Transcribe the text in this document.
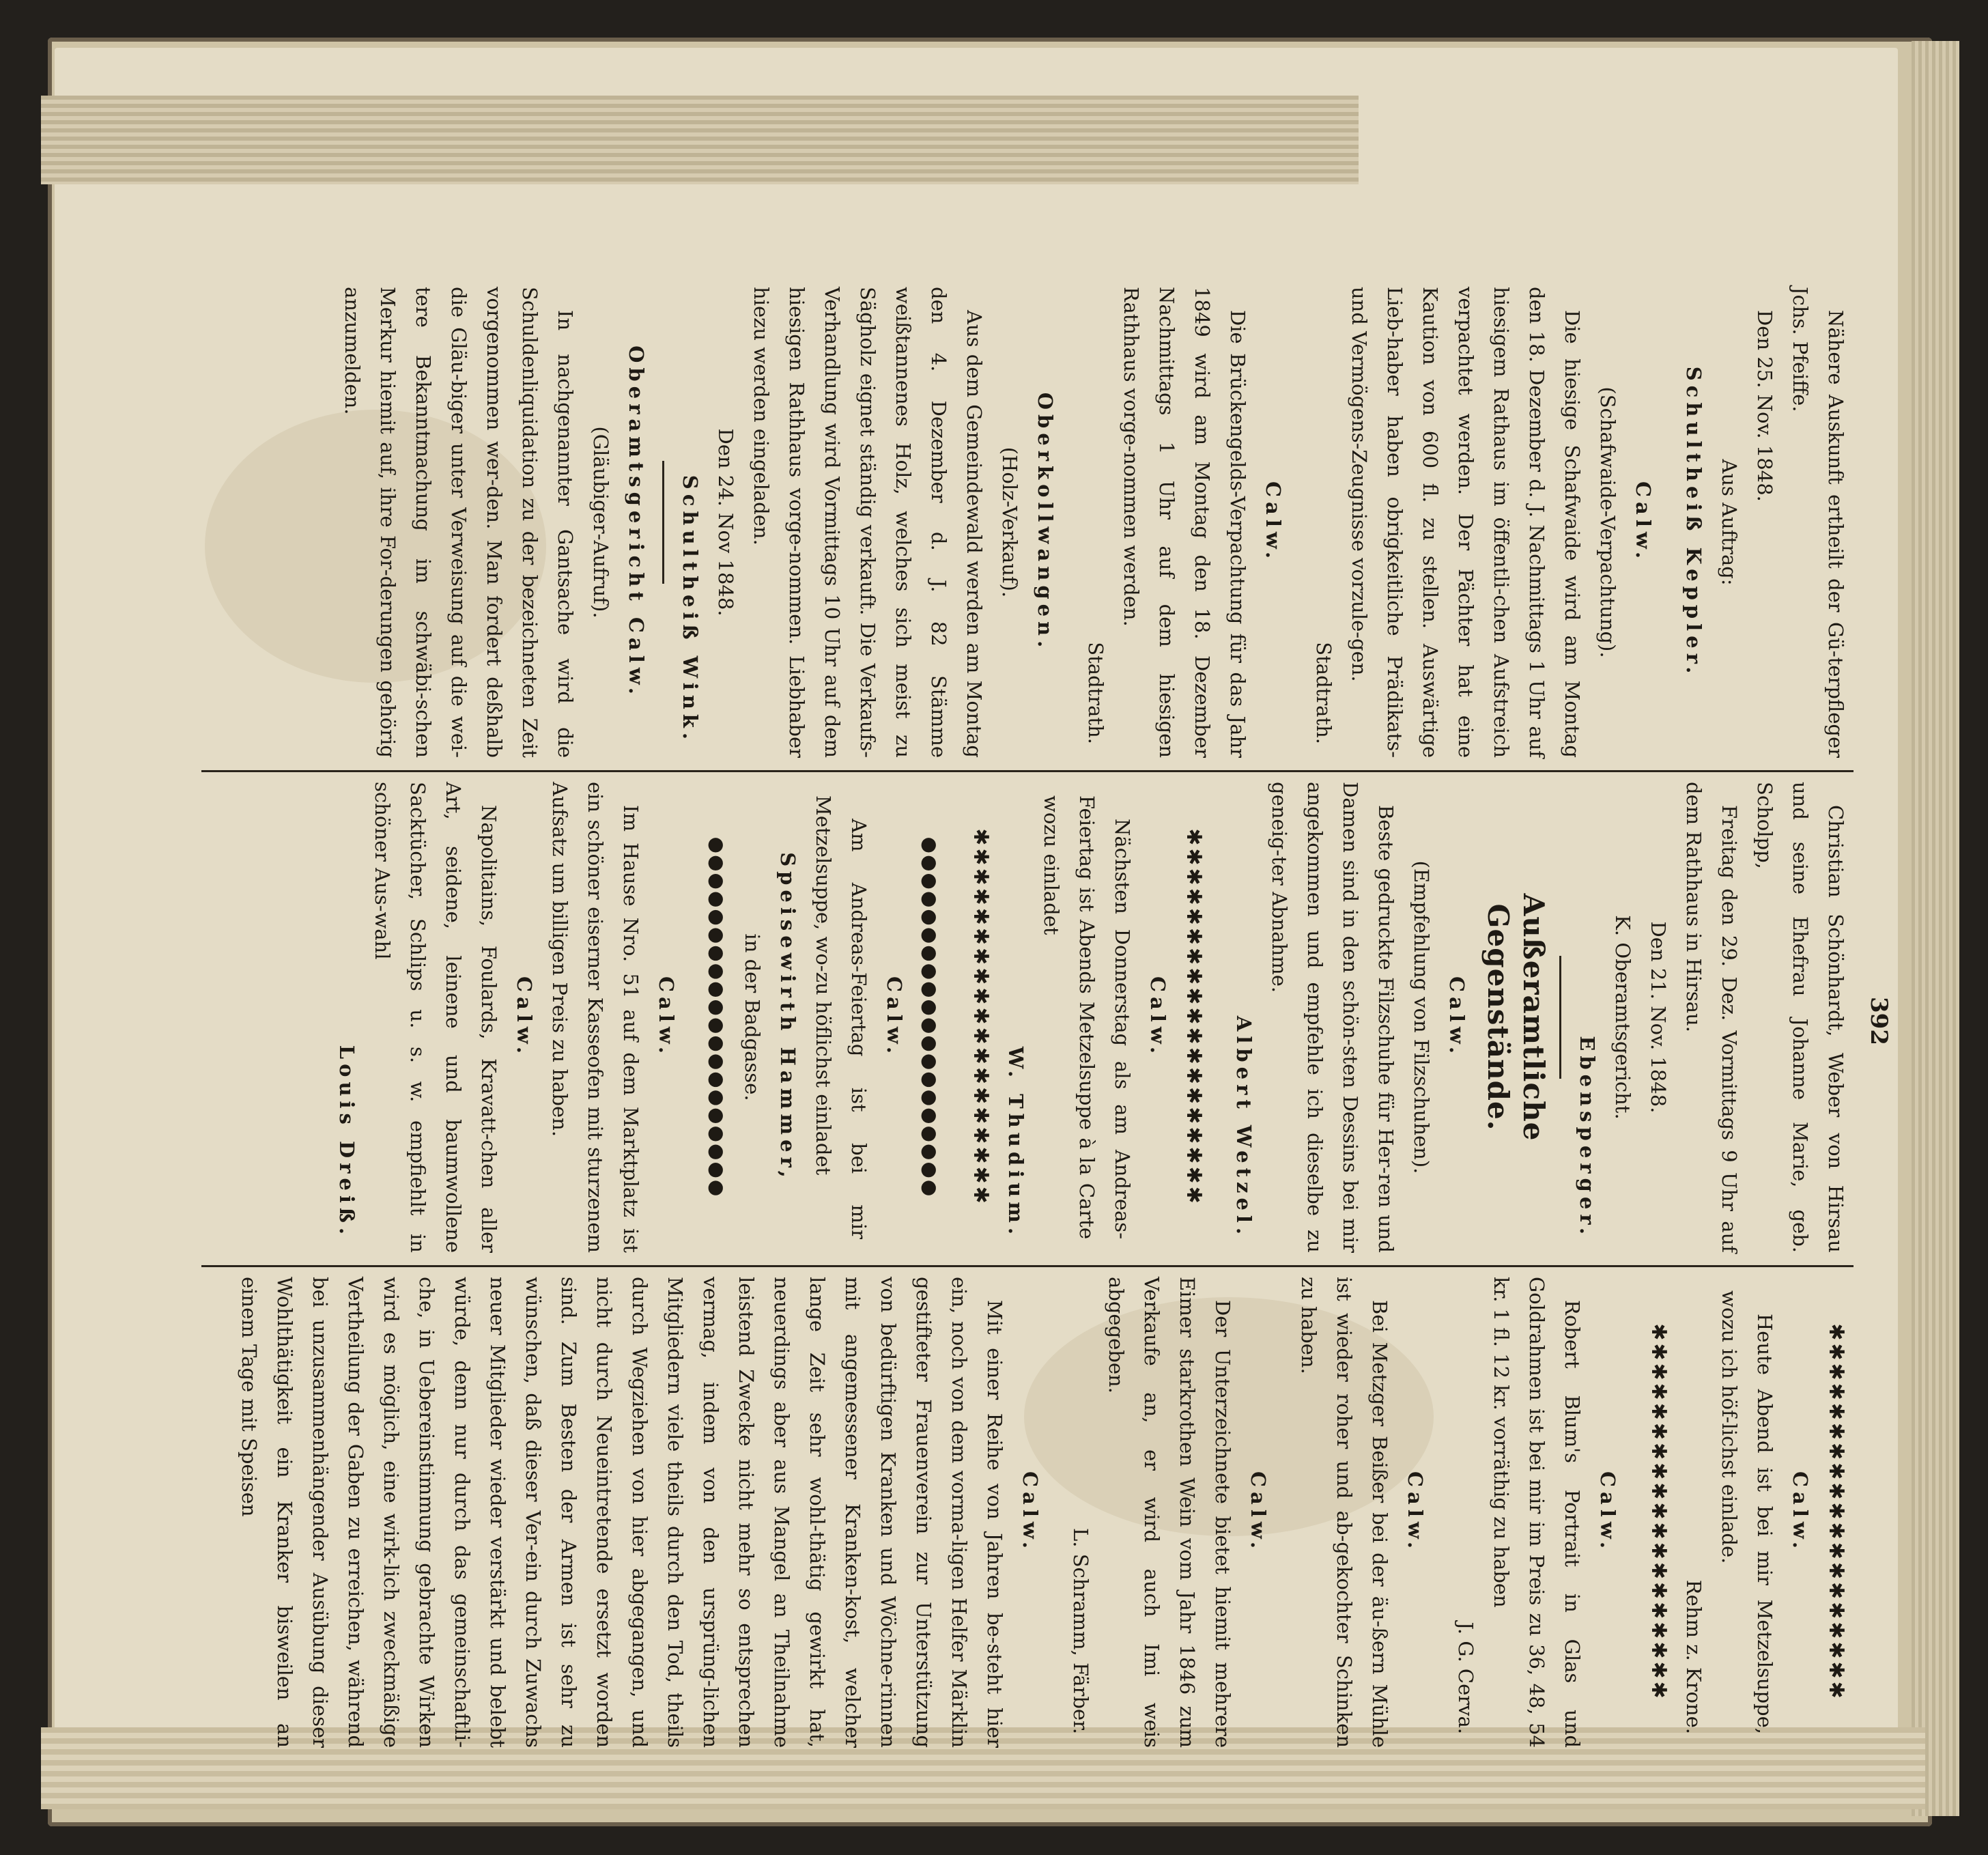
392

Nähere Auskunft ertheilt der Gü-terpfleger Jchs. Pfeiffe.

Den 25. Nov. 1848.

Aus Auftrag:

Schultheiß Keppler.

Calw.

(Schafwaide-Verpachtung).

Die hiesige Schafwaide wird am Montag den 18. Dezember d. J. Nachmittags 1 Uhr auf hiesigem Rathaus im öffentli-chen Aufstreich verpachtet werden. Der Pächter hat eine Kaution von 600 fl. zu stellen. Auswärtige Lieb-haber haben obrigkeitliche Prädikats- und Vermögens-Zeugnisse vorzule-gen.

Stadtrath.

Calw.

Die Brückengelds-Verpachtung für das Jahr 1849 wird am Montag den 18. Dezember Nachmittags 1 Uhr auf dem hiesigen Rathhaus vorge-nommen werden.

Stadtrath.

Oberkollwangen.

(Holz-Verkauf).

Aus dem Gemeindewald werden am Montag den 4. Dezember d. J. 82 Stämme weißtannenes Holz, welches sich meist zu Sägholz eignet ständig verkauft. Die Verkaufs-Verhandlung wird Vormittags 10 Uhr auf dem hiesigen Rathhaus vorge-nommen. Liebhaber hiezu werden eingeladen.

Den 24. Nov 1848.

Schultheiß Wink.

Oberamtsgericht Calw.

(Gläubiger-Aufruf).

In nachgenannter Gantsache wird die Schuldenliquidation zu der bezeichneten Zeit vorgenommen wer-den. Man fordert deßhalb die Gläu-biger unter Verweisung auf die wei-tere Bekanntmachung im schwäbi-schen Merkur hiemit auf, ihre For-derungen gehörig anzumelden.

Christian Schönhardt, Weber von Hirsau und seine Ehefrau Johanne Marie, geb. Scholpp,

Freitag den 29. Dez. Vormittags 9 Uhr auf dem Rathhaus in Hirsau.

Den 21. Nov. 1848.

K. Oberamtsgericht.

Ebensperger.

Außeramtliche Gegenstände.

Calw.

(Empfehlung von Filzschuhen).

Beste gedruckte Filzschuhe für Her-ren und Damen sind in den schön-sten Dessins bei mir angekommen und empfehle ich dieselbe zu geneig-ter Abnahme.

Albert Wetzel.

✱✱✱✱✱✱✱✱✱✱✱✱✱✱✱✱✱✱✱

Calw.

Nächsten Donnerstag als am Andreas-Feiertag ist Abends Metzelsuppe à la Carte wozu einladet

W. Thudium.

✱✱✱✱✱✱✱✱✱✱✱✱✱✱✱✱✱✱✱
●●●●●●●●●●●●●●●●●●●●

Calw.

Am Andreas-Feiertag ist bei mir Metzelsuppe, wo-zu höflichst einladet

Speisewirth Hammer,

in der Badgasse.

●●●●●●●●●●●●●●●●●●●●

Calw.

Im Hause Nro. 51 auf dem Marktplatz ist ein schöner eiserner Kasseofen mit sturzenem Aufsatz um billigen Preis zu haben.

Calw.

Napolitains, Foulards, Kravatt-chen aller Art, seidene, leinene und baumwollene Sacktücher, Schlips u. s. w. empfiehlt in schöner Aus-wahl

Louis Dreiß.

✱✱✱✱✱✱✱✱✱✱✱✱✱✱✱✱✱✱✱

Calw.

Heute Abend ist bei mir Metzelsuppe, wozu ich höf-lichst einlade.

Rehm z. Krone.

✱✱✱✱✱✱✱✱✱✱✱✱✱✱✱✱✱✱✱

Calw.

Robert Blum's Portrait in Glas und Goldrahmen ist bei mir im Preis zu 36, 48, 54 kr. 1 fl. 12 kr. vorräthig zu haben

J. G. Cerva.

Calw.

Bei Metzger Beißer bei der äu-ßern Mühle ist wieder roher und ab-gekochter Schinken zu haben.

Calw.

Der Unterzeichnete bietet hiemit mehrere Eimer starkrothen Wein vom Jahr 1846 zum Verkaufe an, er wird auch Imi weis abgegeben.

L. Schramm, Färber.

Calw.

Mit einer Reihe von Jahren be-steht hier ein, noch von dem vorma-ligen Helfer Märklin gestifteter Frauenverein zur Unterstützung von bedürftigen Kranken und Wöchne-rinnen mit angemessener Kranken-kost, welcher lange Zeit sehr wohl-thätig gewirkt hat, neuerdings aber aus Mangel an Theilnahme leistend Zwecke nicht mehr so entsprechen vermag, indem von den ursprüng-lichen Mitgliedern viele theils durch den Tod, theils durch Wegziehen von hier abgegangen, und nicht durch Neueintretende ersetzt worden sind. Zum Besten der Armen ist sehr zu wünschen, daß dieser Ver-ein durch Zuwachs neuer Mitglieder wieder verstärkt und belebt würde, denn nur durch das gemeinschaftli-che, in Uebereinstimmung gebrachte Wirken wird es möglich, eine wirk-lich zweckmäßige Vertheilung der Gaben zu erreichen, während bei unzusammenhängender Ausübung dieser Wohlthätigkeit ein Kranker bisweilen an einem Tage mit Speisen
